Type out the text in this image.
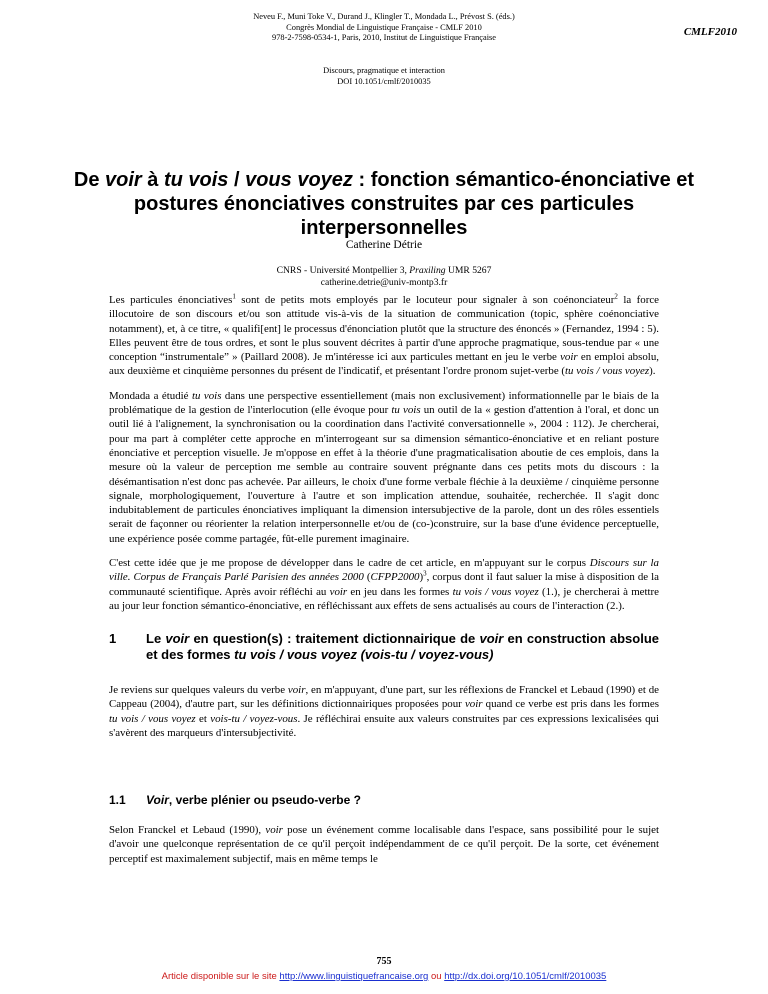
Neveu F., Muni Toke V., Durand J., Klingler T., Mondada L., Prévost S. (éds.)
Congrès Mondial de Linguistique Française - CMLF 2010
978-2-7598-0534-1, Paris, 2010, Institut de Linguistique Française	CMLF2010
Discours, pragmatique et interaction
DOI 10.1051/cmlf/2010035
De voir à tu vois / vous voyez : fonction sémantico-énonciative et postures énonciatives construites par ces particules interpersonnelles
Catherine Détrie
CNRS - Université Montpellier 3, Praxiling UMR 5267
catherine.detrie@univ-montp3.fr

Les particules énonciatives$^1$ sont de petits mots employés par le locuteur pour signaler à son coénonciateur$^2$ la force illocutoire de son discours et/ou son attitude vis-à-vis de la situation de communication (topic, sphère coénonciative notamment), et, à ce titre, « qualifi[ent] le processus d'énonciation plutôt que la structure des énoncés » (Fernandez, 1994 : 5). Elles peuvent être de tous ordres, et sont le plus souvent décrites à partir d'une approche pragmatique, sous-tendue par « une conception “instrumentale” » (Paillard 2008). Je m'intéresse ici aux particules mettant en jeu le verbe voir en emploi absolu, aux deuxième et cinquième personnes du présent de l'indicatif, et présentant l'ordre pronom sujet-verbe (tu vois / vous voyez).

Mondada a étudié tu vois dans une perspective essentiellement (mais non exclusivement) informationnelle par le biais de la problématique de la gestion de l'interlocution (elle évoque pour tu vois un outil de la « gestion d'attention à l'oral, et donc un outil lié à l'alignement, la synchronisation ou la coordination dans l'activité conversationnelle », 2004 : 112). Je chercherai, pour ma part à compléter cette approche en m'interrogeant sur sa dimension sémantico-énonciative et en reliant posture énonciative et perception visuelle. Je m'oppose en effet à la théorie d'une pragmaticalisation aboutie de ces emplois, dans la mesure où la valeur de perception me semble au contraire souvent prégnante dans ces petits mots du discours : la désémantisation n'est donc pas achevée. Par ailleurs, le choix d'une forme verbale fléchie à la deuxième / cinquième personne signale, morphologiquement, l'ouverture à l'autre et son implication attendue, souhaitée, recherchée. Il s'agit donc indubitablement de particules énonciatives impliquant la dimension intersubjective de la parole, dont un des rôles essentiels serait de façonner ou réorienter la relation interpersonnelle et/ou de (co-)construire, sur la base d'une évidence perceptuelle, une expérience posée comme partagée, fût-elle purement imaginaire.

C'est cette idée que je me propose de développer dans le cadre de cet article, en m'appuyant sur le corpus Discours sur la ville. Corpus de Français Parlé Parisien des années 2000 (CFPP2000)$^3$, corpus dont il faut saluer la mise à disposition de la communauté scientifique. Après avoir réfléchi au voir en jeu dans les formes tu vois / vous voyez (1.), je chercherai à mettre au jour leur fonction sémantico-énonciative, en réfléchissant aux effets de sens actualisés au cours de l'interaction (2.).

1 Le voir en question(s) : traitement dictionnairique de voir en construction absolue et des formes tu vois / vous voyez (vois-tu / voyez-vous)

Je reviens sur quelques valeurs du verbe voir, en m'appuyant, d'une part, sur les réflexions de Franckel et Lebaud (1990) et de Cappeau (2004), d'autre part, sur les définitions dictionnairiques proposées pour voir quand ce verbe est pris dans les formes tu vois / vous voyez et vois-tu / voyez-vous. Je réfléchirai ensuite aux valeurs construites par ces expressions lexicalisées qui s'avèrent des marqueurs d'intersubjectivité.

1.1 Voir, verbe plénier ou pseudo-verbe ?

Selon Franckel et Lebaud (1990), voir pose un événement comme localisable dans l'espace, sans possibilité pour le sujet d'avoir une quelconque représentation de ce qu'il perçoit indépendamment de ce qu'il perçoit. De la sorte, cet événement perceptif est maximalement subjectif, mais en même temps le

755
Article disponible sur le site http://www.linguistiquefrancaise.org ou http://dx.doi.org/10.1051/cmlf/2010035
